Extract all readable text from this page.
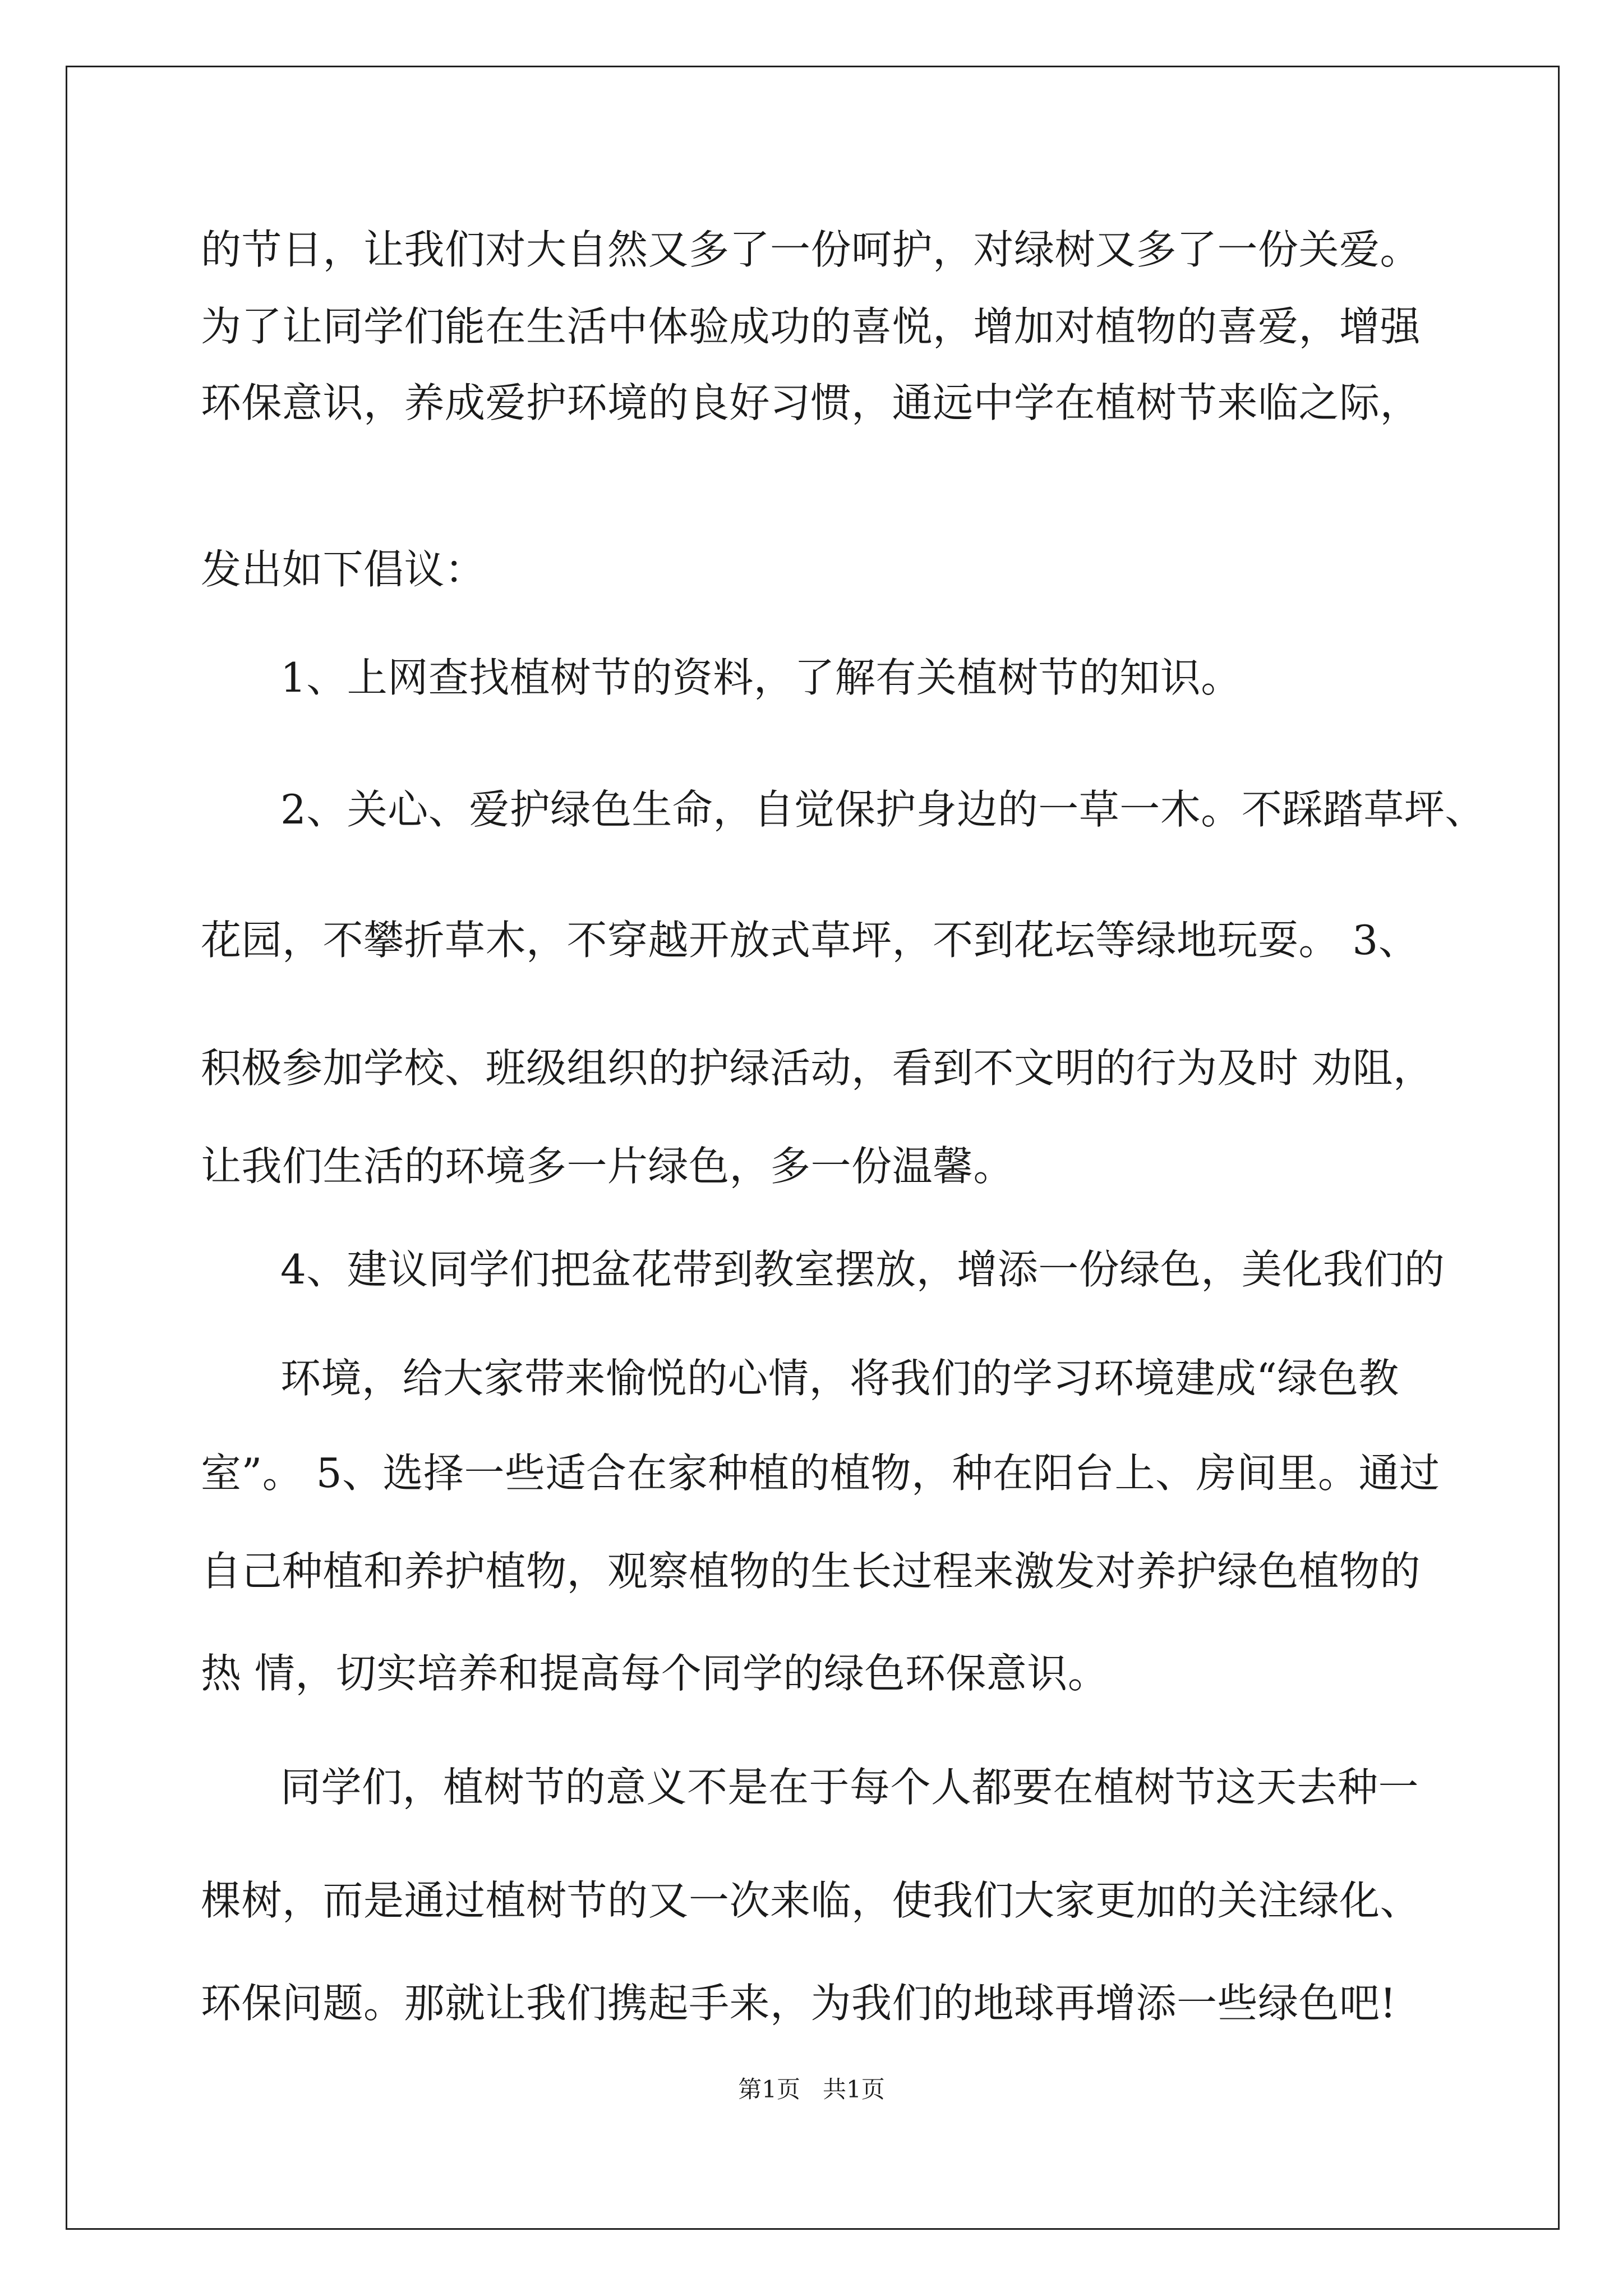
的节日，让我们对大自然又多了一份呵护，对绿树又多了一份关爱。

为了让同学们能在生活中体验成功的喜悦，增加对植物的喜爱，增强

环保意识，养成爱护环境的良好习惯，通远中学在植树节来临之际，

发出如下倡议：

1、上网查找植树节的资料，了解有关植树节的知识。

2、关心、爱护绿色生命，自觉保护身边的一草一木。不踩踏草坪、

花园，不攀折草木，不穿越开放式草坪，不到花坛等绿地玩耍。 3、

积极参加学校、班级组织的护绿活动，看到不文明的行为及时 劝阻，

让我们生活的环境多一片绿色，多一份温馨。

4、建议同学们把盆花带到教室摆放，增添一份绿色，美化我们的

环境，给大家带来愉悦的心情，将我们的学习环境建成“绿色教

室”。 5、选择一些适合在家种植的植物，种在阳台上、房间里。通过

自己种植和养护植物，观察植物的生长过程来激发对养护绿色植物的

热 情，切实培养和提高每个同学的绿色环保意识。

同学们，植树节的意义不是在于每个人都要在植树节这天去种一

棵树，而是通过植树节的又一次来临，使我们大家更加的关注绿化、

环保问题。那就让我们携起手来，为我们的地球再增添一些绿色吧!

第1页   共1页
